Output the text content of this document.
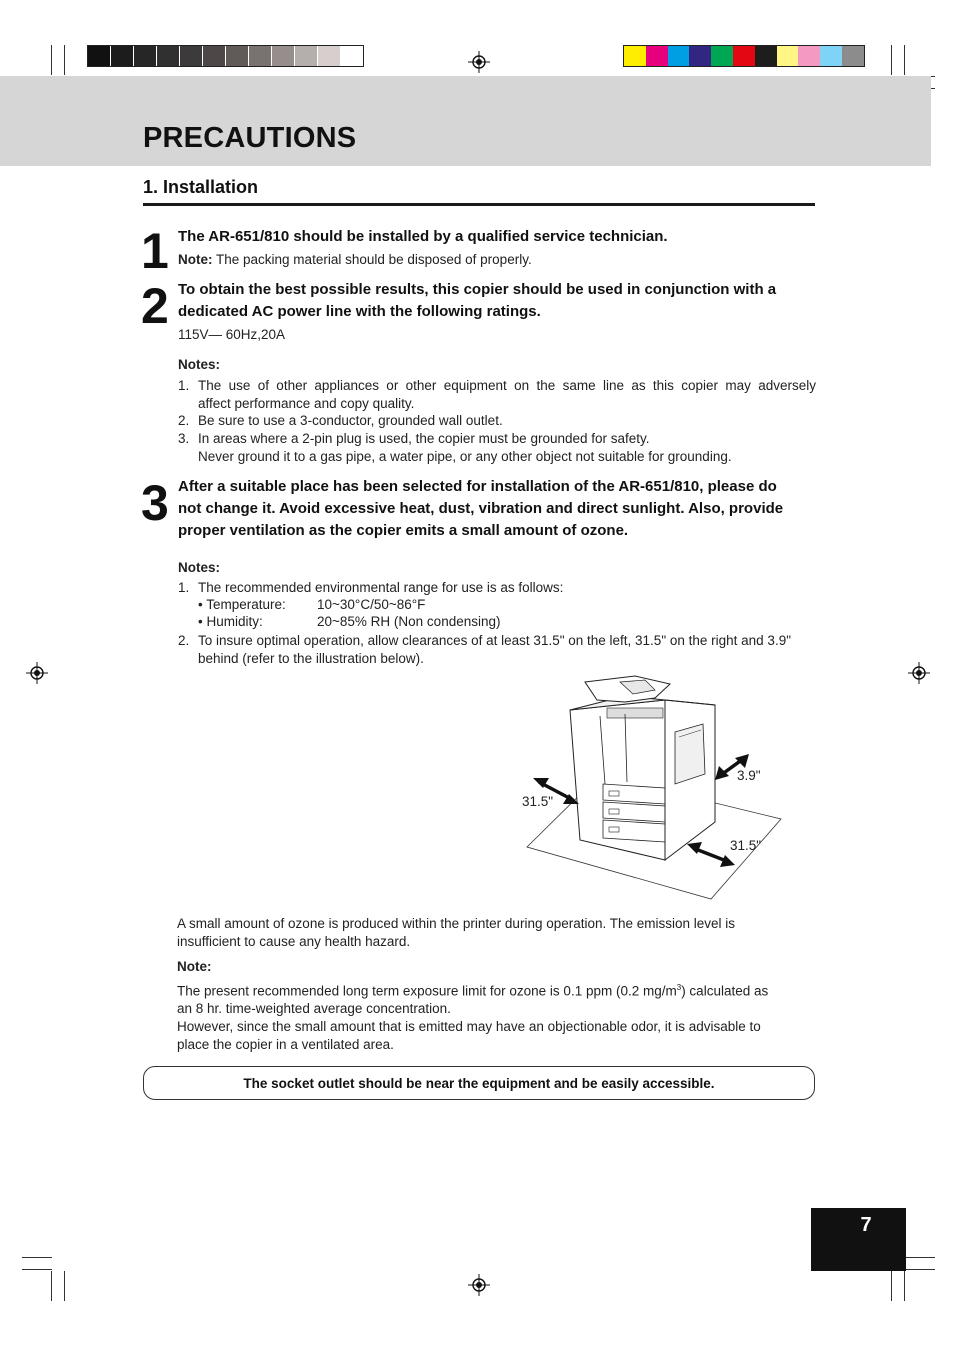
PRECAUTIONS
1. Installation
1 The AR-651/810 should be installed by a qualified service technician.
Note: The packing material should be disposed of properly.
2 To obtain the best possible results, this copier should be used in conjunction with a
dedicated AC power line with the following ratings.
115V— 60Hz,20A
Notes:
1. The use of other appliances or other equipment on the same line as this copier may adversely
affect performance and copy quality.
2. Be sure to use a 3-conductor, grounded wall outlet.
3. In areas where a 2-pin plug is used, the copier must be grounded for safety.
Never ground it to a gas pipe, a water pipe, or any other object not suitable for grounding.
3 After a suitable place has been selected for installation of the AR-651/810, please do
not change it. Avoid excessive heat, dust, vibration and direct sunlight. Also, provide
proper ventilation as the copier emits a small amount of ozone.
Notes:
1. The recommended environmental range for use is as follows:
• Temperature: 10~30°C/50~86°F
• Humidity:	20~85% RH (Non condensing)
2. To insure optimal operation, allow clearances of at least 31.5" on the left, 31.5" on the right and 3.9"
behind (refer to the illustration below).
31.5"
3.9"
31.5"
A small amount of ozone is produced within the printer during operation. The emission level is
insufficient to cause any health hazard.
Note:
The present recommended long term exposure limit for ozone is 0.1 ppm (0.2 $mg/m^3$) calculated as
an 8 hr. time-weighted average concentration.
However, since the small amount that is emitted may have an objectionable odor, it is advisable to
place the copier in a ventilated area.
The socket outlet should be near the equipment and be easily accessible.
7
